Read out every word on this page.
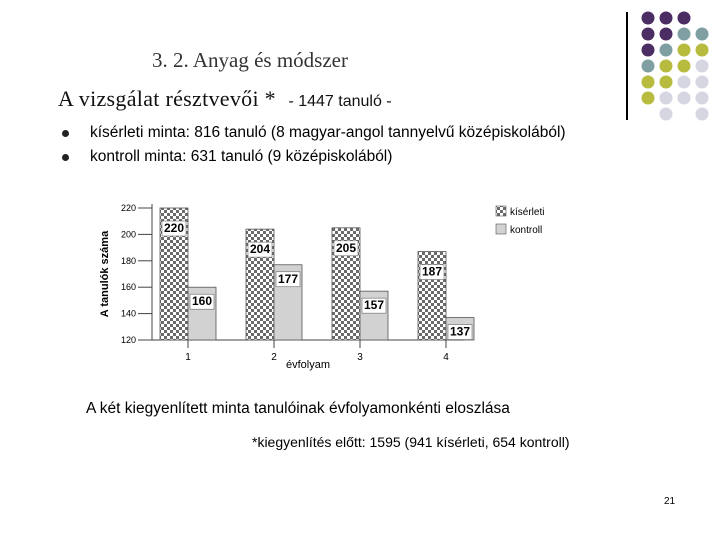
3. 2. Anyag és módszer
A vizsgálat résztvevői * - 1447 tanuló -
kísérleti minta: 816 tanuló (8 magyar-angol tannyelvű középiskolából)
kontroll minta: 631 tanuló (9 középiskolából)
A tanulók száma
220
200
180
160
140
120
220
160
1
204
177
2
205
157
3
187
137
4
évfolyam
kísérleti
kontroll
A két kiegyenlített minta tanulóinak évfolyamonkénti eloszlása
*kiegyenlítés előtt: 1595 (941 kísérleti, 654 kontroll)
21
